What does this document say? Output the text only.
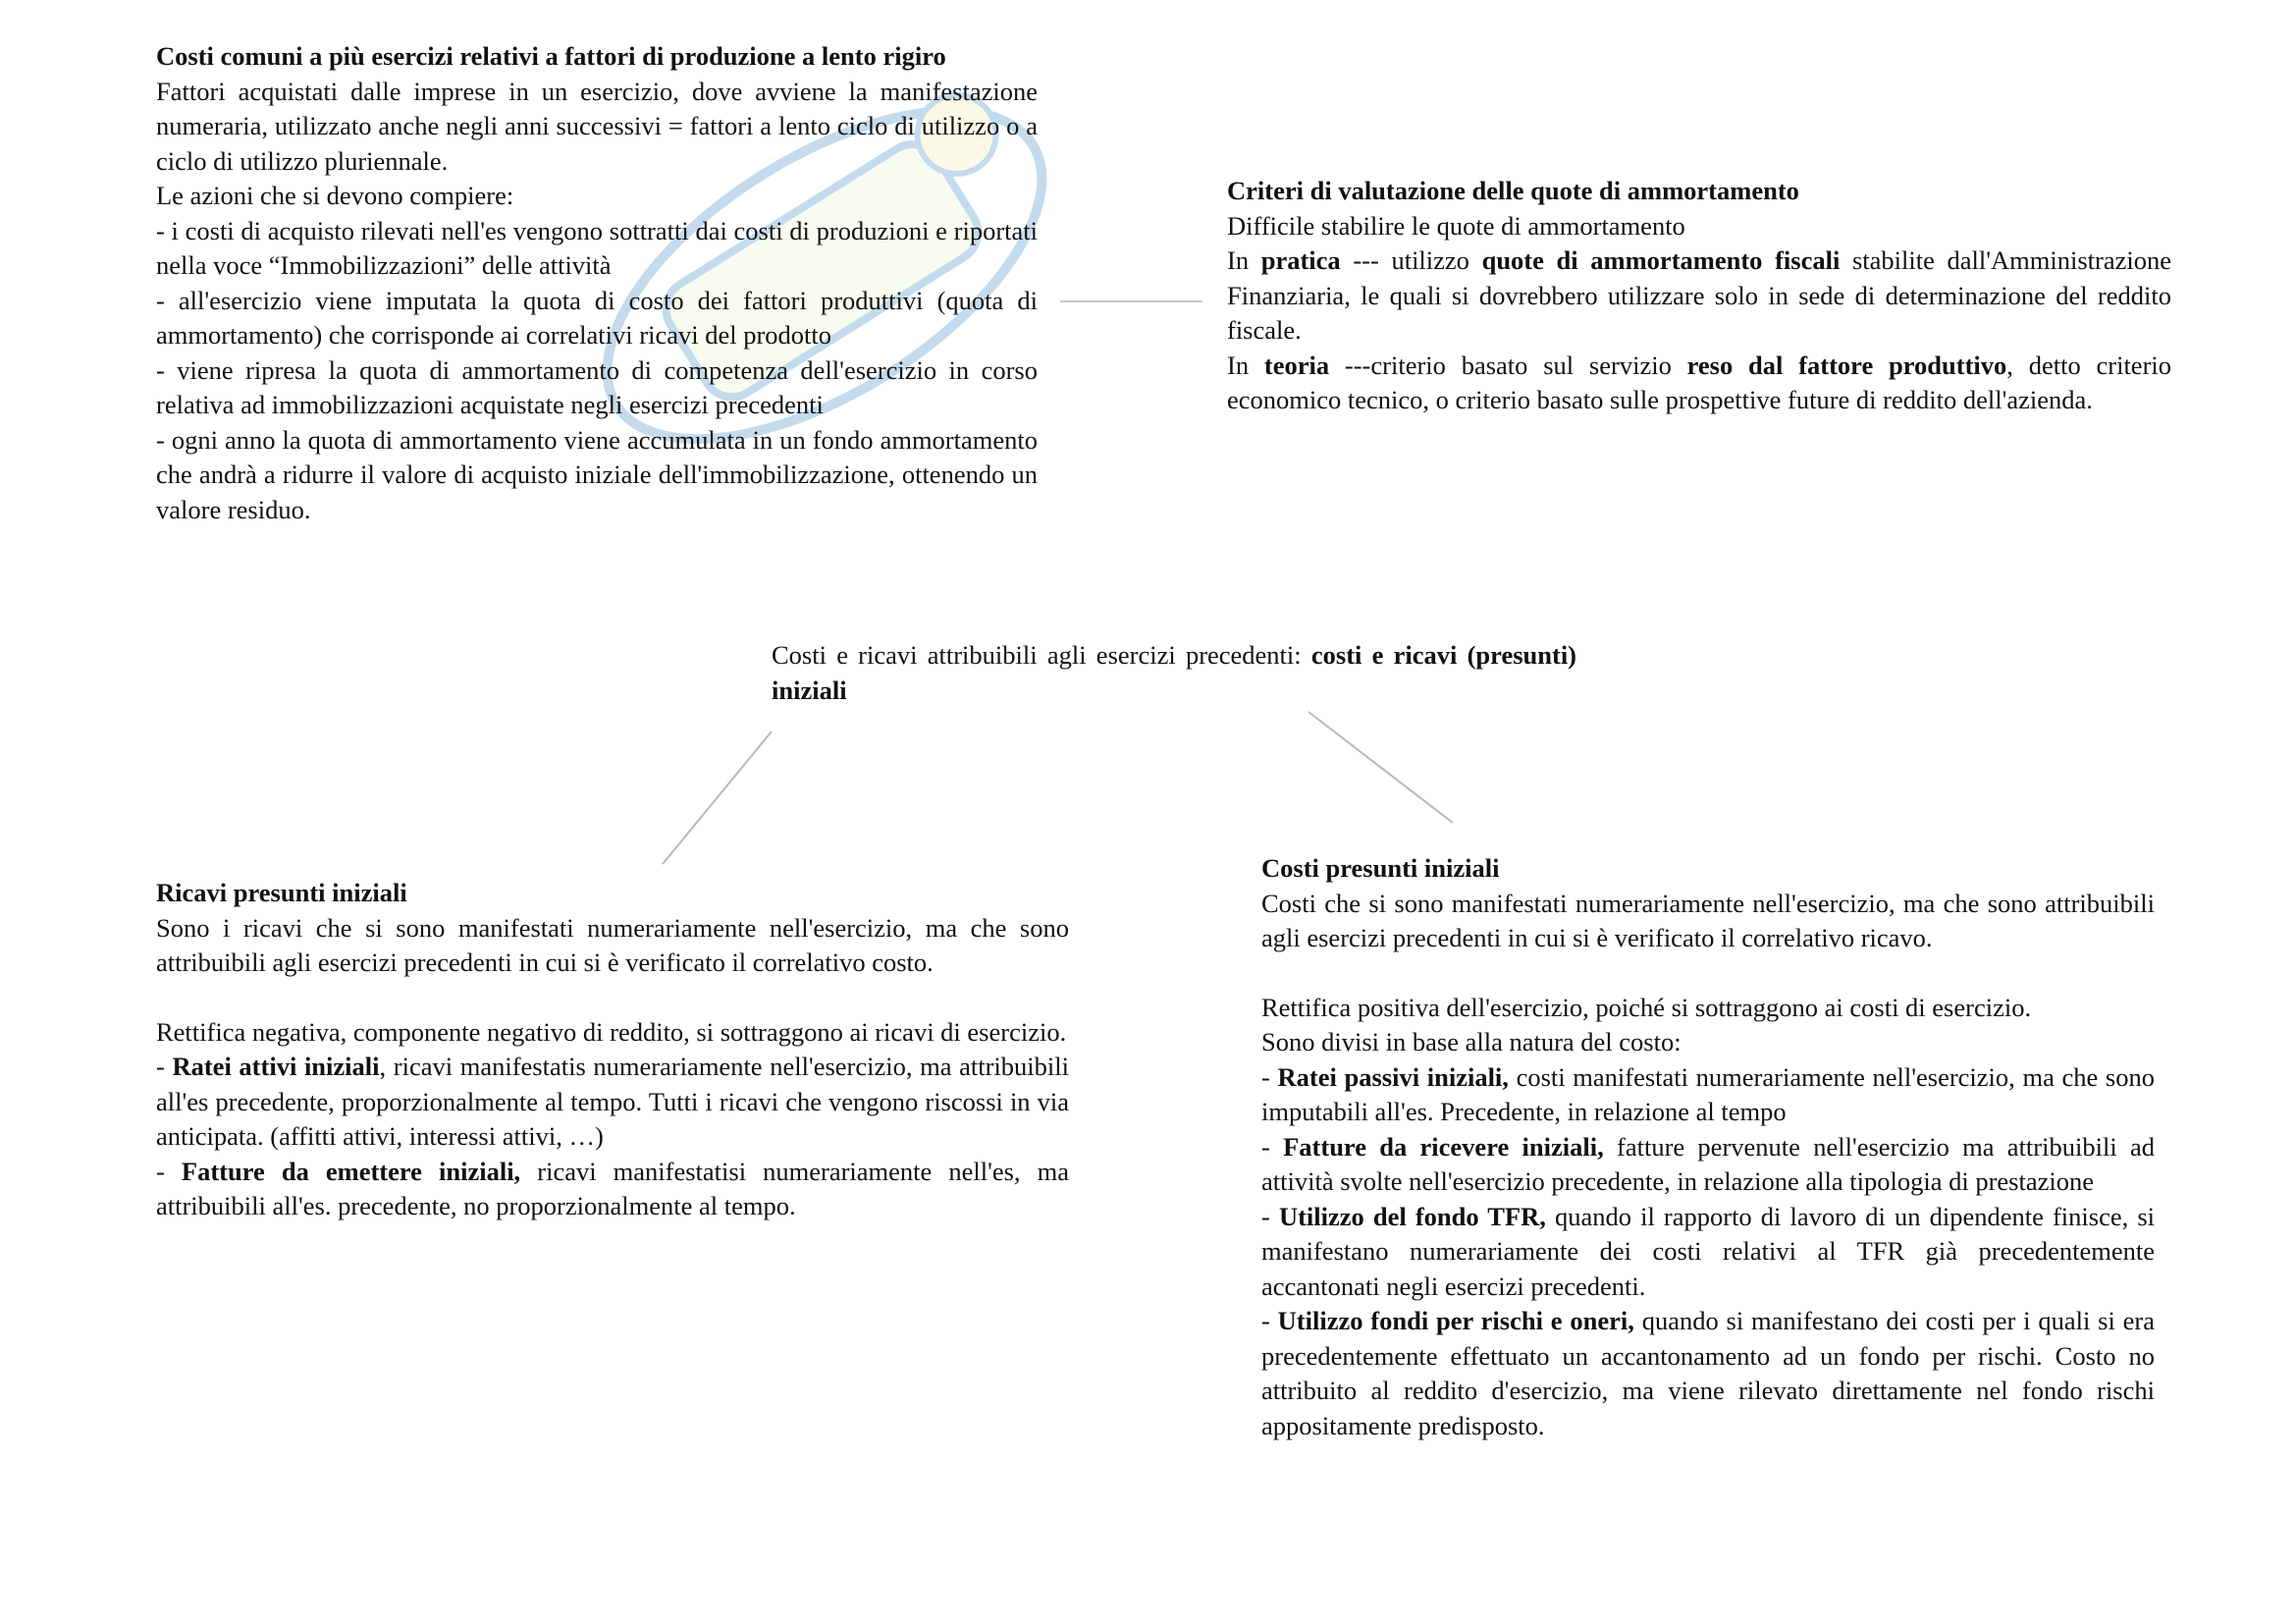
Costi comuni a più esercizi relativi a fattori di produzione a lento rigiro

Fattori acquistati dalle imprese in un esercizio, dove avviene la manifestazione numeraria, utilizzato anche negli anni successivi = fattori a lento ciclo di utilizzo o a ciclo di utilizzo pluriennale.

Le azioni che si devono compiere:

- i costi di acquisto rilevati nell'es vengono sottratti dai costi di produzioni e riportati nella voce “Immobilizzazioni” delle attività

- all'esercizio viene imputata la quota di costo dei fattori produttivi (quota di ammortamento) che corrisponde ai correlativi ricavi del prodotto

- viene ripresa la quota di ammortamento di competenza dell'esercizio in corso relativa ad immobilizzazioni acquistate negli esercizi precedenti

- ogni anno la quota di ammortamento viene accumulata in un fondo ammortamento che andrà a ridurre il valore di acquisto iniziale dell'immobilizzazione, ottenendo un valore residuo.

Criteri di valutazione delle quote di ammortamento

Difficile stabilire le quote di ammortamento

In pratica --- utilizzo quote di ammortamento fiscali stabilite dall'Amministrazione Finanziaria, le quali si dovrebbero utilizzare solo in sede di determinazione del reddito fiscale.

In teoria ---criterio basato sul servizio reso dal fattore produttivo, detto criterio economico tecnico, o criterio basato sulle prospettive future di reddito dell'azienda.

Costi e ricavi attribuibili agli esercizi precedenti: costi e ricavi (presunti) iniziali

Ricavi presunti iniziali

Sono i ricavi che si sono manifestati numerariamente nell'esercizio, ma che sono attribuibili agli esercizi precedenti in cui si è verificato il correlativo costo.

Rettifica negativa, componente negativo di reddito, si sottraggono ai ricavi di esercizio.

- Ratei attivi iniziali, ricavi manifestatis numerariamente nell'esercizio, ma attribuibili all'es precedente, proporzionalmente al tempo. Tutti i ricavi che vengono riscossi in via anticipata. (affitti attivi, interessi attivi, …)

- Fatture da emettere iniziali, ricavi manifestatisi numerariamente nell'es, ma attribuibili all'es. precedente, no proporzionalmente al tempo.

Costi presunti iniziali

Costi che si sono manifestati numerariamente nell'esercizio, ma che sono attribuibili agli esercizi precedenti in cui si è verificato il correlativo ricavo.

Rettifica positiva dell'esercizio, poiché si sottraggono ai costi di esercizio.

Sono divisi in base alla natura del costo:

- Ratei passivi iniziali, costi manifestati numerariamente nell'esercizio, ma che sono imputabili all'es. Precedente, in relazione al tempo

- Fatture da ricevere iniziali, fatture pervenute nell'esercizio ma attribuibili ad attività svolte nell'esercizio precedente, in relazione alla tipologia di prestazione

- Utilizzo del fondo TFR, quando il rapporto di lavoro di un dipendente finisce, si manifestano numerariamente dei costi relativi al TFR già precedentemente accantonati negli esercizi precedenti.

- Utilizzo fondi per rischi e oneri, quando si manifestano dei costi per i quali si era precedentemente effettuato un accantonamento ad un fondo per rischi. Costo no attribuito al reddito d'esercizio, ma viene rilevato direttamente nel fondo rischi appositamente predisposto.
